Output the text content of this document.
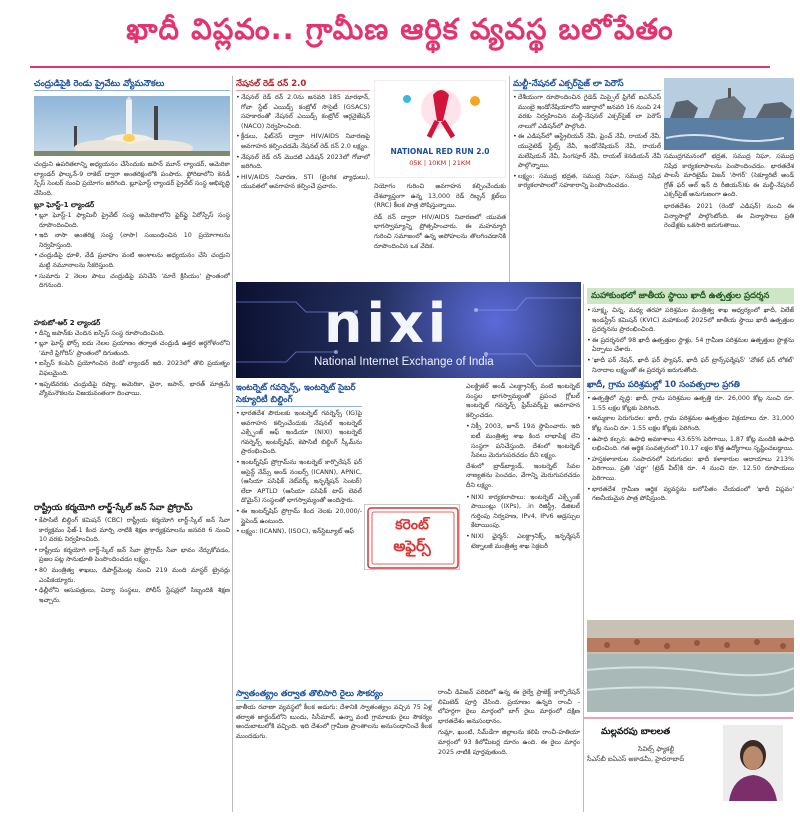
ఖాదీ విప్లవం.. గ్రామీణ ఆర్థిక వ్యవస్థ బలోపేతం
చంద్రుడిపైకి రెండు ప్రైవేటు వ్యోమనౌకలు
చంద్రుని ఉపరితలాన్ని అధ్యయనం చేసేందుకు జపాన్ మూన్ ల్యాండర్, అమెరికా ల్యాండర్ ఫాల్కన్-9 రాకెట్ ద్వారా అంతరిక్షంలోకి పంపారు. ఫ్లోరిడాలోని కెనడీ స్పేస్ సెంటర్ నుంచి ప్రయోగం జరిగింది. బ్లూఘోస్ట్ ల్యాండర్ ప్రైవేట్ సంస్థ అభివృద్ధి చేసింది.
బ్లూ ఘోస్ట్-1 ల్యాండర్
• బ్లూ ఘోస్ట్-1 ఫ్యామిలీ ప్రైవేట్ సంస్థ అమెరికాలోని ఫైర్‌ఫ్లై ఏరోస్పేస్ సంస్థ రూపొందించింది.
• ఇది నాసా అంతరిక్ష సంస్థ (నాసా) సంబంధించిన 10 ప్రయోగాలను నిర్వహిస్తుంది.
• చంద్రుడిపై ధూళి, వేడి ప్రవాహం వంటి అంశాలను అధ్యయనం చేసి చంద్రుని మట్టి నమూనాలను సేకరిస్తుంది.
• సుమారు 2 నెలల పాటు చంద్రుడిపై పనిచేసి 'మారే క్రిసియం' ప్రాంతంలో దిగనుంది.
హకుటో-ఆర్ 2 ల్యాండర్
• దీన్ని జపాన్‌కు చెందిన ఐస్పేస్ సంస్థ రూపొందించింది.
• బ్లూ ఘోస్ట్ ఫోర్స్ ఐదు నెలల ప్రయాణం తర్వాత చంద్రుడి ఉత్తర అర్ధగోళంలోని 'మారే ఫ్రిగోరిస్' ప్రాంతంలో దిగుతుంది.
• ఐస్పేస్ కంపెనీ ప్రయోగించిన రెండో ల్యాండర్ ఇది. 2023లో తొలి ప్రయత్నం విఫలమైంది.
• ఇప్పటివరకు చంద్రుడిపై రష్యా, అమెరికా, చైనా, జపాన్, భారత్ మాత్రమే వ్యోమనౌకలను విజయవంతంగా దించాయి.
రాష్ట్రీయ కర్మయోగి లార్జ్-స్కేల్ జన్ సేవా ప్రోగ్రామ్
• కేపాసిటీ బిల్డింగ్ కమిషన్ (CBC) రాష్ట్రీయ కర్మయోగి లార్జ్-స్కేల్ జన్ సేవా కార్యక్రమం ఫేజ్-1 కింద మార్చి నాటికి శిక్షణ కార్యక్రమాలను జనవరి 6 నుంచి 10 వరకు నిర్వహించింది.
• రాష్ట్రీయ కర్మయోగి లార్జ్-స్కేల్ జన్ సేవా ప్రోగ్రామ్ సేవా భావం నేర్చుకోవడం, ప్రజల పట్ల సానుభూతి పెంపొందించడం లక్ష్యం.
• 80 మంత్రిత్వ శాఖలు, డిపార్ట్‌మెంట్ల నుంచి 219 మంది మాస్టర్ ట్రైనర్లు ఎంపికయ్యారు.
• ఢిల్లీలోని ఆసుపత్రులు, విద్యా సంస్థలు, పోలీస్ స్టేషన్లలో సిబ్బందికి శిక్షణ ఇచ్చారు.
నేషనల్ రెడ్ రన్ 2.0
• నేషనల్ రెడ్ రన్ 2.0ను జనవరి 185 మారథాన్, గోవా స్టేట్ ఎయిడ్స్ కంట్రోల్ సొసైటీ (GSACS) సహకారంతో నేషనల్ ఎయిడ్స్ కంట్రోల్ ఆర్గనైజేషన్ (NACO) నిర్వహించింది.
• క్రీడలు, ఫిట్‌నెస్ ద్వారా HIV/AIDS నివారణపై అవగాహన కల్పించడమే నేషనల్ రెడ్ రన్ 2.0 లక్ష్యం.
• నేషనల్ రెడ్ రన్ మొదటి ఎడిషన్ 2023లో గోవాలో జరిగింది.
• HIV/AIDS నివారణ, STI (లైంగిక వ్యాధులు), యువతలో అవగాహన కల్పించే ప్రచారం.
NATIONAL RED RUN 2.0
05K | 10KM | 21KM
నియోగం గురించి అవగాహన కల్పించేందుకు దేశవ్యాప్తంగా ఉన్న 13,000 రెడ్ రిబ్బన్ క్లబ్‌లు (RRC) కీలక పాత్ర పోషిస్తున్నాయి.
రెడ్ రన్ ద్వారా HIV/AIDS నివారణలో యువత భాగస్వామ్యాన్ని ప్రోత్సహించారు. ఈ మహమ్మారి గురించి సమాజంలో ఉన్న అపోహలను తొలగించడానికి రూపొందించిన ఒక వేదిక.
మల్టీ-నేషనల్ ఎక్సర్‌సైజ్ లా పెరౌస్
• దేశీయంగా రూపొందించిన గైడెడ్ మిస్సైల్ ఫ్రిగేట్ ఐఎన్‌ఎస్ ముంబై ఇండోనేషియాలోని జకార్తాలో జనవరి 16 నుంచి 24 వరకు నిర్వహించిన మల్టీ-నేషనల్ ఎక్సర్‌సైజ్ లా పెరౌస్ నాలుగో ఎడిషన్‌లో పాల్గొంది.
• ఈ ఎడిషన్‌లో ఆస్ట్రేలియన్ నేవీ, ఫ్రెంచ్ నేవీ, రాయల్ నేవీ, యునైటెడ్ స్టేట్స్ నేవీ, ఇండోనేషియన్ నేవీ, రాయల్ మలేషియన్ నేవీ, సింగపూర్ నేవీ, రాయల్ కెనడియన్ నేవీ పాల్గొన్నాయి.
• లక్ష్యం: సముద్ర భద్రత, సముద్ర నిఘా, సముద్ర నిషేధ కార్యకలాపాలలో సహకారాన్ని పెంపొందించడం.
సముద్రగమనంలో భద్రత, సముద్ర నిఘా, సముద్ర నిషేధ కార్యకలాపాలను పెంపొందించడం. భారతదేశ పాలసీ మారిటైమ్ విజన్ 'సాగర్' (సెక్యూరిటీ అండ్ గ్రోత్ ఫర్ ఆల్ ఇన్ ది రీజియన్)కు ఈ మల్టీ-నేషనల్ ఎక్సర్‌సైజ్ అనుగుణంగా ఉంది.
భారతదేశం 2021 (రెండో ఎడిషన్) నుంచి ఈ విన్యాసాల్లో పాల్గొంటోంది. ఈ విన్యాసాలు ప్రతి రెండేళ్లకు ఒకసారి జరుగుతాయి.
nixi
National Internet Exchange of India
ఇంటర్నెట్ గవర్నెన్స్, ఇంటర్నెట్ సైబర్ సెక్యూరిటీ బిల్డింగ్
• భారతదేశ పౌరులకు ఇంటర్నెట్ గవర్నెన్స్ (IG)పై అవగాహన కల్పించేందుకు నేషనల్ ఇంటర్నెట్ ఎక్స్ఛేంజ్ ఆఫ్ ఇండియా (NIXI) ఇంటర్నెట్ గవర్నెన్స్ ఇంటర్న్‌షిప్, కెపాసిటీ బిల్డింగ్ స్కీమ్‌ను ప్రారంభించింది.
• ఇంటర్న్‌షిప్ ప్రోగ్రామ్‌ను ఇంటర్నెట్ కార్పొరేషన్ ఫర్ అసైన్డ్ నేమ్స్ అండ్ నంబర్స్ (ICANN), APNIC, (ఆసియా పసిఫిక్ నెట్‌వర్క్ ఇన్ఫర్మేషన్ సెంటర్) లేదా APTLD (ఆసియా పసిఫిక్ టాప్ లెవల్ డొమైన్) సంస్థలతో భాగస్వామ్యంతో అందిస్తారు.
• ఈ ఇంటర్న్‌షిప్ ప్రోగ్రామ్ కింద నెలకు 20,000/- స్టైపెండ్ ఉంటుంది.
• లక్ష్యం: (ICANN), (ISOC), ఇన్‌స్టిట్యూట్ ఆఫ్
ఎలక్ట్రికల్ అండ్ ఎలక్ట్రానిక్స్ వంటి ఇంటర్నెట్ సంస్థల భాగస్వామ్యంతో ప్రపంచ గ్లోబల్ ఇంటర్నెట్ గవర్నెన్స్ ఫ్రేమ్‌వర్క్‌పై అవగాహన కల్పించడం.
• నిక్సీ 2003, జూన్ 19న స్థాపించారు. ఇది ఐటీ మంత్రిత్వ శాఖ కింద లాభాపేక్ష లేని సంస్థగా పనిచేస్తుంది. దేశంలో ఇంటర్నెట్ సేవలు మెరుగుపరచడం దీని లక్ష్యం.
దేశంలో బ్రాడ్‌బ్యాండ్, ఇంటర్నెట్ సేవల నాణ్యతను పెంచడం, వేగాన్ని మెరుగుపరచడం దీని లక్ష్యం.
• NIXI కార్యకలాపాలు: ఇంటర్నెట్ ఎక్స్ఛేంజ్ పాయింట్లు (IXPs), .in రిజిస్ట్రీ, డిజిటల్ గుర్తింపు నిర్వహణ, IPv4, IPv6 అడ్రస్సుల కేటాయింపు.
• NIXI ఛైర్మన్: ఎలక్ట్రానిక్స్, ఇన్ఫర్మేషన్ టెక్నాలజీ మంత్రిత్వ శాఖ సెక్రటరీ
కరెంట్
అఫైర్స్
స్వాతంత్య్రం తర్వాత తొలిసారి రైలు సౌకర్యం
జాతీయ రవాణా వ్యవస్థలో కీలక అడుగు: దేశానికి స్వాతంత్య్రం వచ్చిన 75 ఏళ్ల తర్వాత జార్ఖండ్‌లోని బుందు, సిసీమాల్, ఉన్నా వంటి గ్రామాలకు రైలు సౌకర్యం అందుబాటులోకి వచ్చింది. ఇది దేశంలో గ్రామీణ ప్రాంతాలను అనుసంధానించే కీలక ముందడుగు.
రాంచీ డివిజన్ పరిధిలో ఉన్న ఈ రైల్వే ప్రాజెక్ట్ కార్పొరేషన్ లిమిటెడ్ పూర్తి చేసింది. ప్రయాణం ఉన్నది రాంచీ - లోహర్దగా రైలు మార్గంలో బాగ్ రైలు మార్గంలో దక్షిణ భారతదేశం అనుసంధానం.
గుమ్లా, ఖుంటి, సిమ్‌డేగా జిల్లాలను కలిపి రాంచీ-హతియా మార్గంలో 93 కిలోమీటర్ల దూరం ఉంది. ఈ రైలు మార్గం 2025 నాటికి పూర్తవుతుంది.
మహాకుంభలో జాతీయ స్థాయి ఖాదీ ఉత్పత్తుల ప్రదర్శన
• సూక్ష్మ, చిన్న, మధ్య తరహా పరిశ్రమల మంత్రిత్వ శాఖ ఆధ్వర్యంలో ఖాదీ, విలేజ్ ఇండస్ట్రీస్ కమిషన్ (KVIC) మహాకుంభ్ 2025లో జాతీయ స్థాయి ఖాదీ ఉత్పత్తుల ప్రదర్శనను ప్రారంభించింది.
• ఈ ప్రదర్శనలో 98 ఖాదీ ఉత్పత్తుల స్టాళ్లు, 54 గ్రామీణ పరిశ్రమల ఉత్పత్తుల స్టాళ్లను ఏర్పాటు చేశారు.
• 'ఖాదీ ఫర్ నేషన్, ఖాదీ ఫర్ ఫ్యాషన్, ఖాదీ ఫర్ ట్రాన్స్‌ఫర్మేషన్' 'వోకల్ ఫర్ లోకల్' నినాదాల లక్ష్యంతో ఈ ప్రదర్శన జరుగుతోంది.
ఖాదీ, గ్రామ పరిశ్రమల్లో 10 సంవత్సరాల ప్రగతి
• ఉత్పత్తిలో వృద్ధి: ఖాదీ, గ్రామ పరిశ్రమల ఉత్పత్తి రూ. 26,000 కోట్ల నుంచి రూ. 1.55 లక్షల కోట్లకు పెరిగింది.
• అమ్మకాల పెరుగుదల: ఖాదీ, గ్రామ పరిశ్రమల ఉత్పత్తుల విక్రయాలు రూ. 31,000 కోట్ల నుంచి రూ. 1.55 లక్షల కోట్లకు పెరిగింది.
• ఉపాధి కల్పన: ఉపాధి అవకాశాలు 43.65% పెరిగాయి, 1.87 కోట్ల మందికి ఉపాధి లభించింది. గత ఆర్థిక సంవత్సరంలో 10.17 లక్షల కొత్త ఉద్యోగాలు సృష్టించబడ్డాయి.
• హస్తకళాకారుల సంపాదనలో పెరుగుదల: ఖాదీ కళాకారుల ఆదాయాలు 213% పెరిగాయి, ప్రతి 'చర్ఖా' (ట్రెడ్ వీల్)కి రూ. 4 నుంచి రూ. 12.50 రూపాయలు పెరిగాయి.
• భారతదేశ గ్రామీణ ఆర్థిక వ్యవస్థను బలోపేతం చేయడంలో 'ఖాదీ విప్లవం' గణనీయమైన పాత్ర పోషిస్తుంది.
మల్లవరపు బాలలత
సివిల్స్ ఫ్యాకల్టీ
సీఎస్‌బీ ఐఏఎస్ అకాడమీ, హైదరాబాద్
